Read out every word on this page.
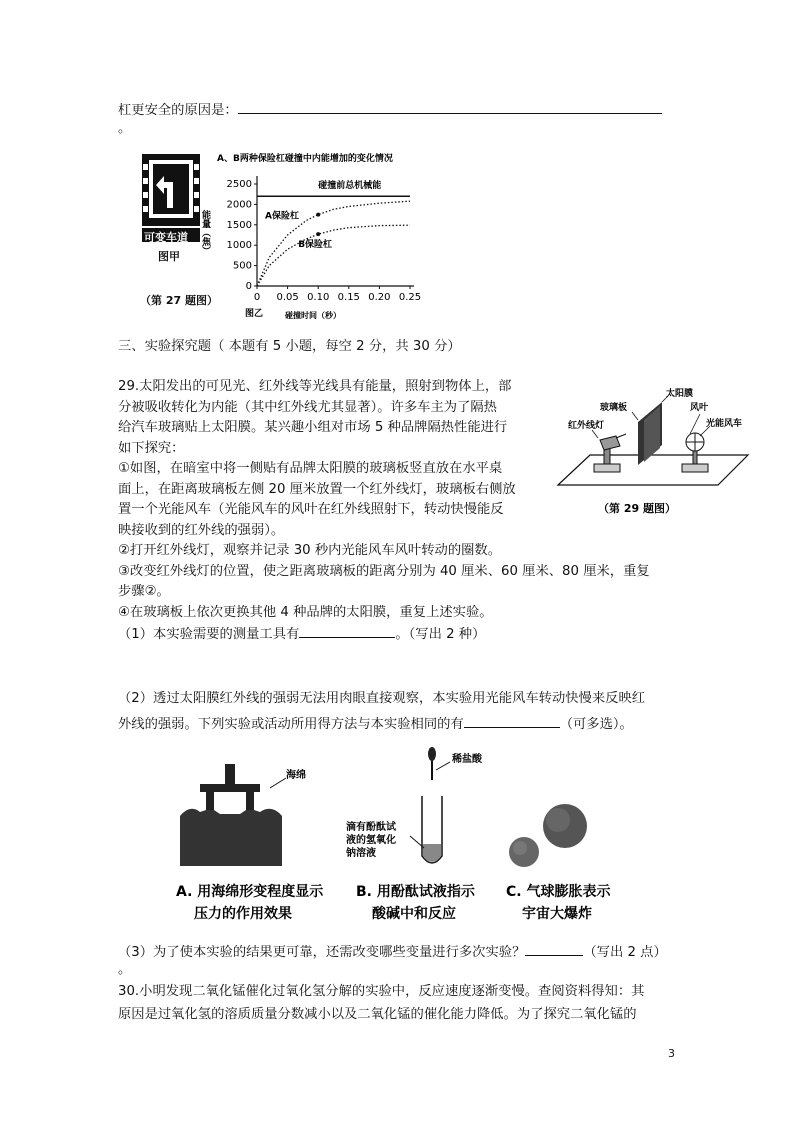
杠更安全的原因是：
。
可变车道
图甲
（第 27 题图）
A、B两种保险杠碰撞中内能增加的变化情况
0
500
1000
1500
2000
2500
0 0.05 0.10 0.15 0.20 0.25
碰撞前总机械能
A保险杠
B保险杠
能量（焦）
图乙	碰撞时间（秒）
三、实验探究题（ 本题有 5 小题，每空 2 分，共 30 分）
29.太阳发出的可见光、红外线等光线具有能量，照射到物体上，部
分被吸收转化为内能（其中红外线尤其显著）。许多车主为了隔热
给汽车玻璃贴上太阳膜。某兴趣小组对市场 5 种品牌隔热性能进行
如下探究：
①如图，在暗室中将一侧贴有品牌太阳膜的玻璃板竖直放在水平桌
面上，在距离玻璃板左侧 20 厘米放置一个红外线灯，玻璃板右侧放
置一个光能风车（光能风车的风叶在红外线照射下，转动快慢能反
映接收到的红外线的强弱）。
②打开红外线灯，观察并记录 30 秒内光能风车风叶转动的圈数。
③改变红外线灯的位置，使之距离玻璃板的距离分别为 40 厘米、60 厘米、80 厘米，重复
步骤②。
④在玻璃板上依次更换其他 4 种品牌的太阳膜，重复上述实验。
（1）本实验需要的测量工具有	。（写出 2 种）
红外线灯
玻璃板
太阳膜
风叶
光能风车
（第 29 题图）
（2）透过太阳膜红外线的强弱无法用肉眼直接观察，本实验用光能风车转动快慢来反映红
外线的强弱。下列实验或活动所用得方法与本实验相同的有	（可多选）。
海绵
稀盐酸
滴有酚酞试
液的氢氧化
钠溶液
A. 用海绵形变程度显示
压力的作用效果
B. 用酚酞试液指示
酸碱中和反应
C. 气球膨胀表示
宇宙大爆炸
（3）为了使本实验的结果更可靠，还需改变哪些变量进行多次实验？	（写出 2 点）
。
30.小明发现二氧化锰催化过氧化氢分解的实验中，反应速度逐渐变慢。查阅资料得知：其
原因是过氧化氢的溶质质量分数减小以及二氧化锰的催化能力降低。为了探究二氧化锰的
3
